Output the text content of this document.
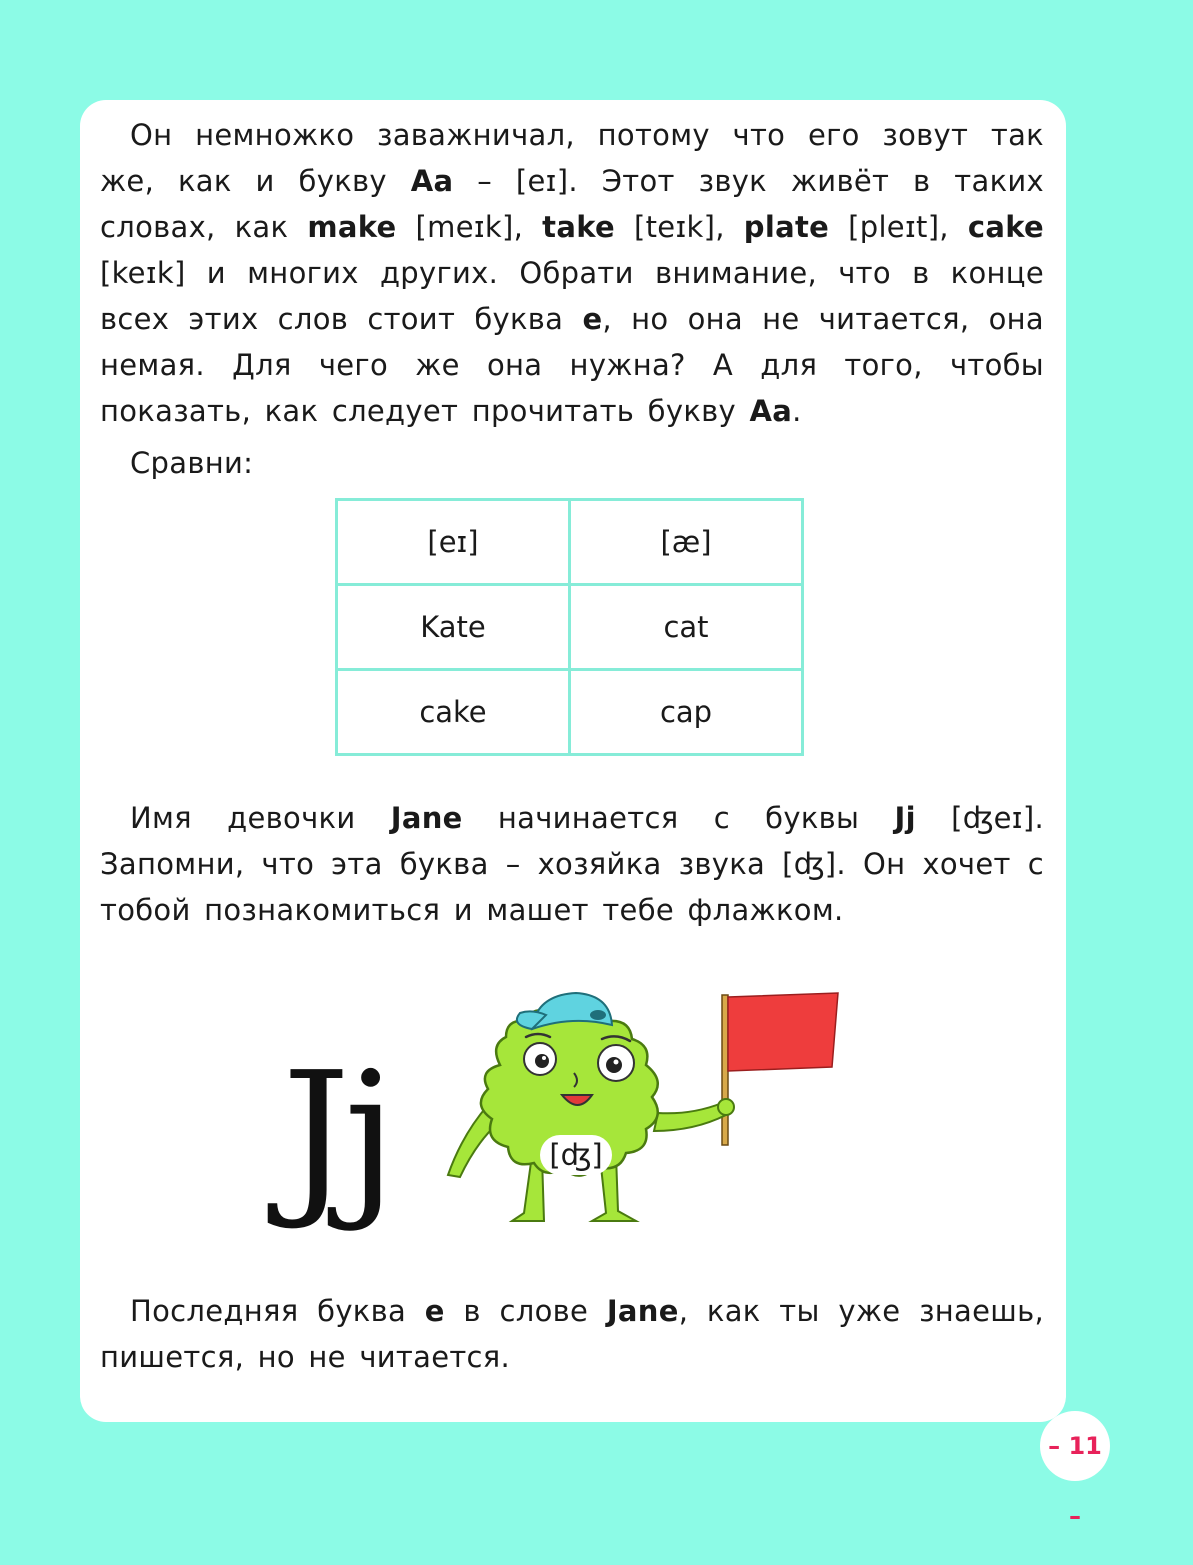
Он немножко заважничал, потому что его зовут так же, как и букву Aa – [eɪ]. Этот звук живёт в таких словах, как make [meɪk], take [teɪk], plate [pleɪt], cake [keɪk] и многих других. Обрати внимание, что в конце всех этих слов стоит буква e, но она не читается, она немая. Для чего же она нужна? А для того, чтобы показать, как следует прочитать букву Aa.

Сравни:

[eɪ]	[æ]
Kate	cat
cake	cap

Имя девочки Jane начинается с буквы Jj [ʤeɪ]. Запомни, что эта буква – хозяйка звука [ʤ]. Он хочет с тобой познакомиться и машет тебе флажком.

Jj	[ʤ]

Последняя буква e в слове Jane, как ты уже знаешь, пишется, но не читается.

– 11 –
